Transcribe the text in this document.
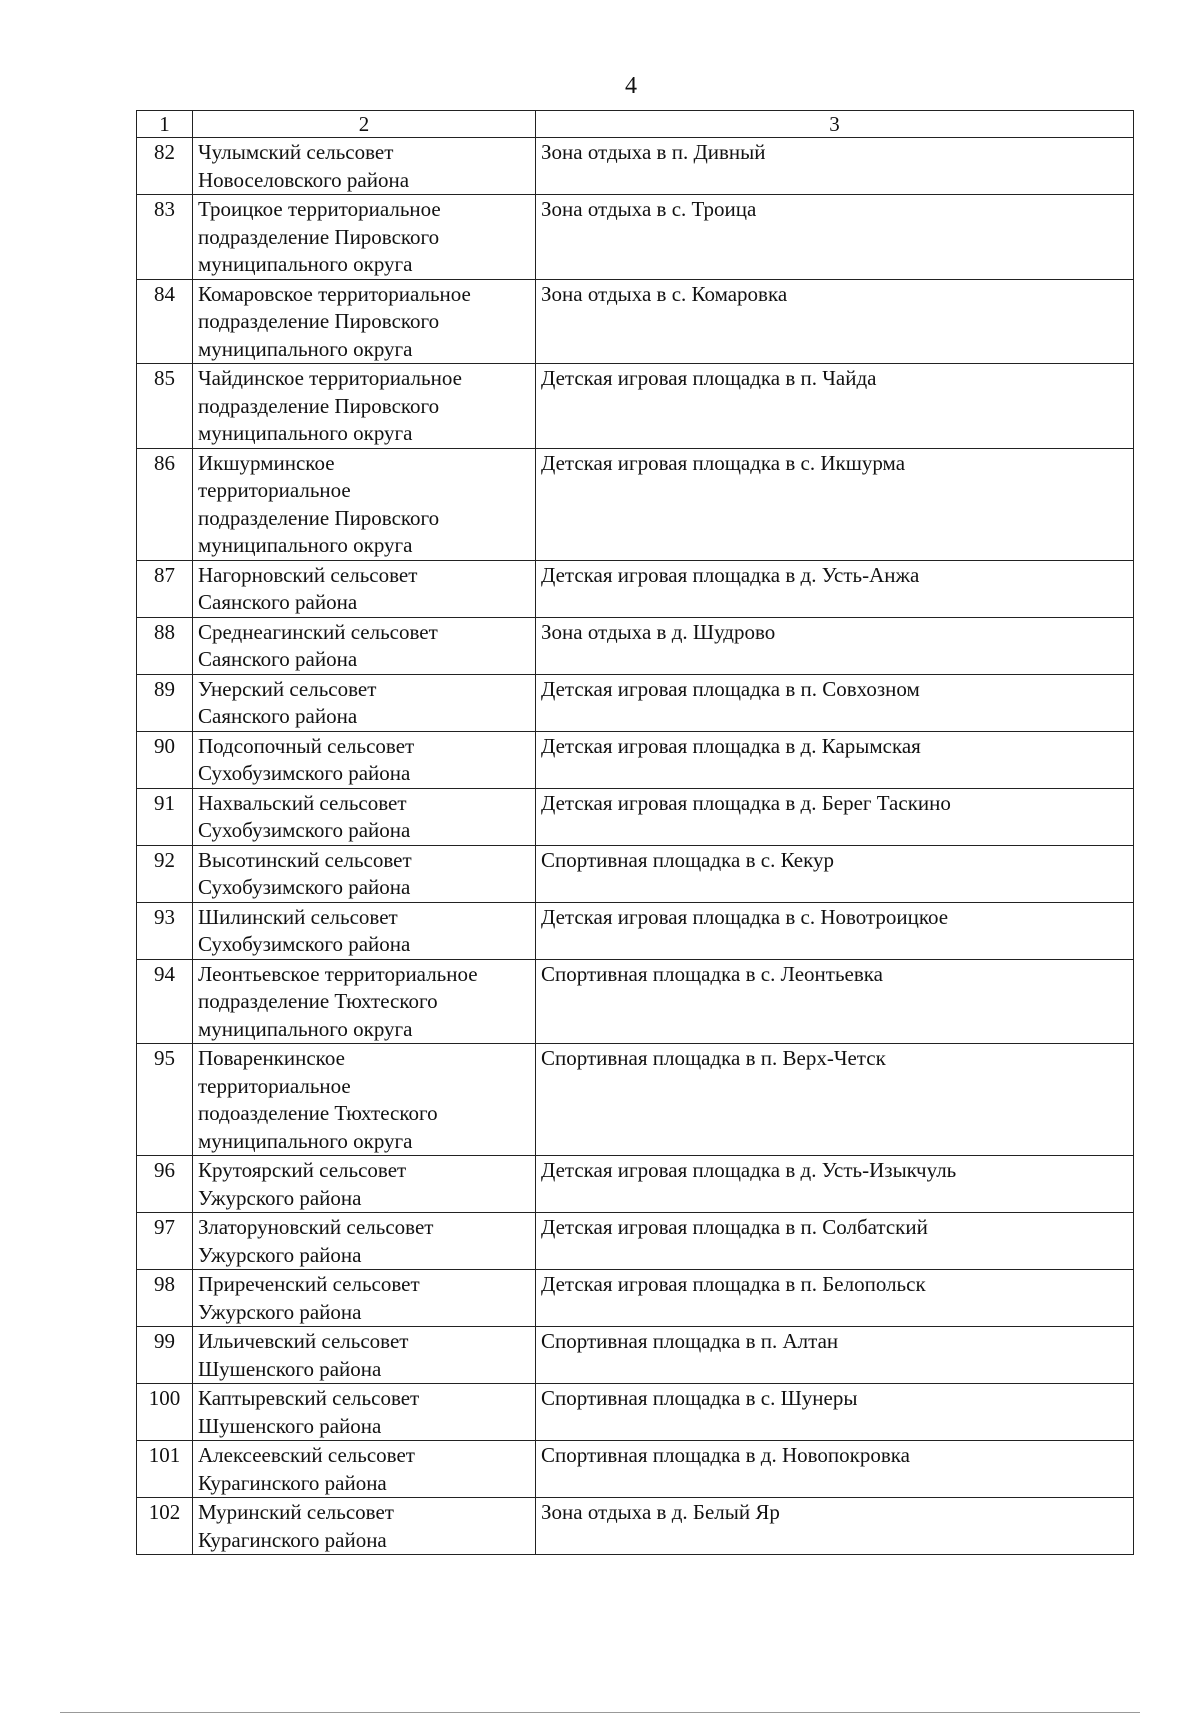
4
1	2	3
82	Чулымский сельсовет
Новоселовского района	Зона отдыха в п. Дивный
83	Троицкое территориальное
подразделение Пировского
муниципального округа	Зона отдыха в с. Троица
84	Комаровское территориальное
подразделение Пировского
муниципального округа	Зона отдыха в с. Комаровка
85	Чайдинское территориальное
подразделение Пировского
муниципального округа	Детская игровая площадка в п. Чайда
86	Икшурминское
территориальное
подразделение Пировского
муниципального округа	Детская игровая площадка в с. Икшурма
87	Нагорновский сельсовет
Саянского района	Детская игровая площадка в д. Усть-Анжа
88	Среднеагинский сельсовет
Саянского района	Зона отдыха в д. Шудрово
89	Унерский сельсовет
Саянского района	Детская игровая площадка в п. Совхозном
90	Подсопочный сельсовет
Сухобузимского района	Детская игровая площадка в д. Карымская
91	Нахвальский сельсовет
Сухобузимского района	Детская игровая площадка в д. Берег Таскино
92	Высотинский сельсовет
Сухобузимского района	Спортивная площадка в с. Кекур
93	Шилинский сельсовет
Сухобузимского района	Детская игровая площадка в с. Новотроицкое
94	Леонтьевское территориальное
подразделение Тюхтеского
муниципального округа	Спортивная площадка в с. Леонтьевка
95	Поваренкинское
территориальное
подоазделение Тюхтеского
муниципального округа	Спортивная площадка в п. Верх-Четск
96	Крутоярский сельсовет
Ужурского района	Детская игровая площадка в д. Усть-Изыкчуль
97	Златоруновский сельсовет
Ужурского района	Детская игровая площадка в п. Солбатский
98	Приреченский сельсовет
Ужурского района	Детская игровая площадка в п. Белопольск
99	Ильичевский сельсовет
Шушенского района	Спортивная площадка в п. Алтан
100	Каптыревский сельсовет
Шушенского района	Спортивная площадка в с. Шунеры
101	Алексеевский сельсовет
Курагинского района	Спортивная площадка в д. Новопокровка
102	Муринский сельсовет
Курагинского района	Зона отдыха в д. Белый Яр
